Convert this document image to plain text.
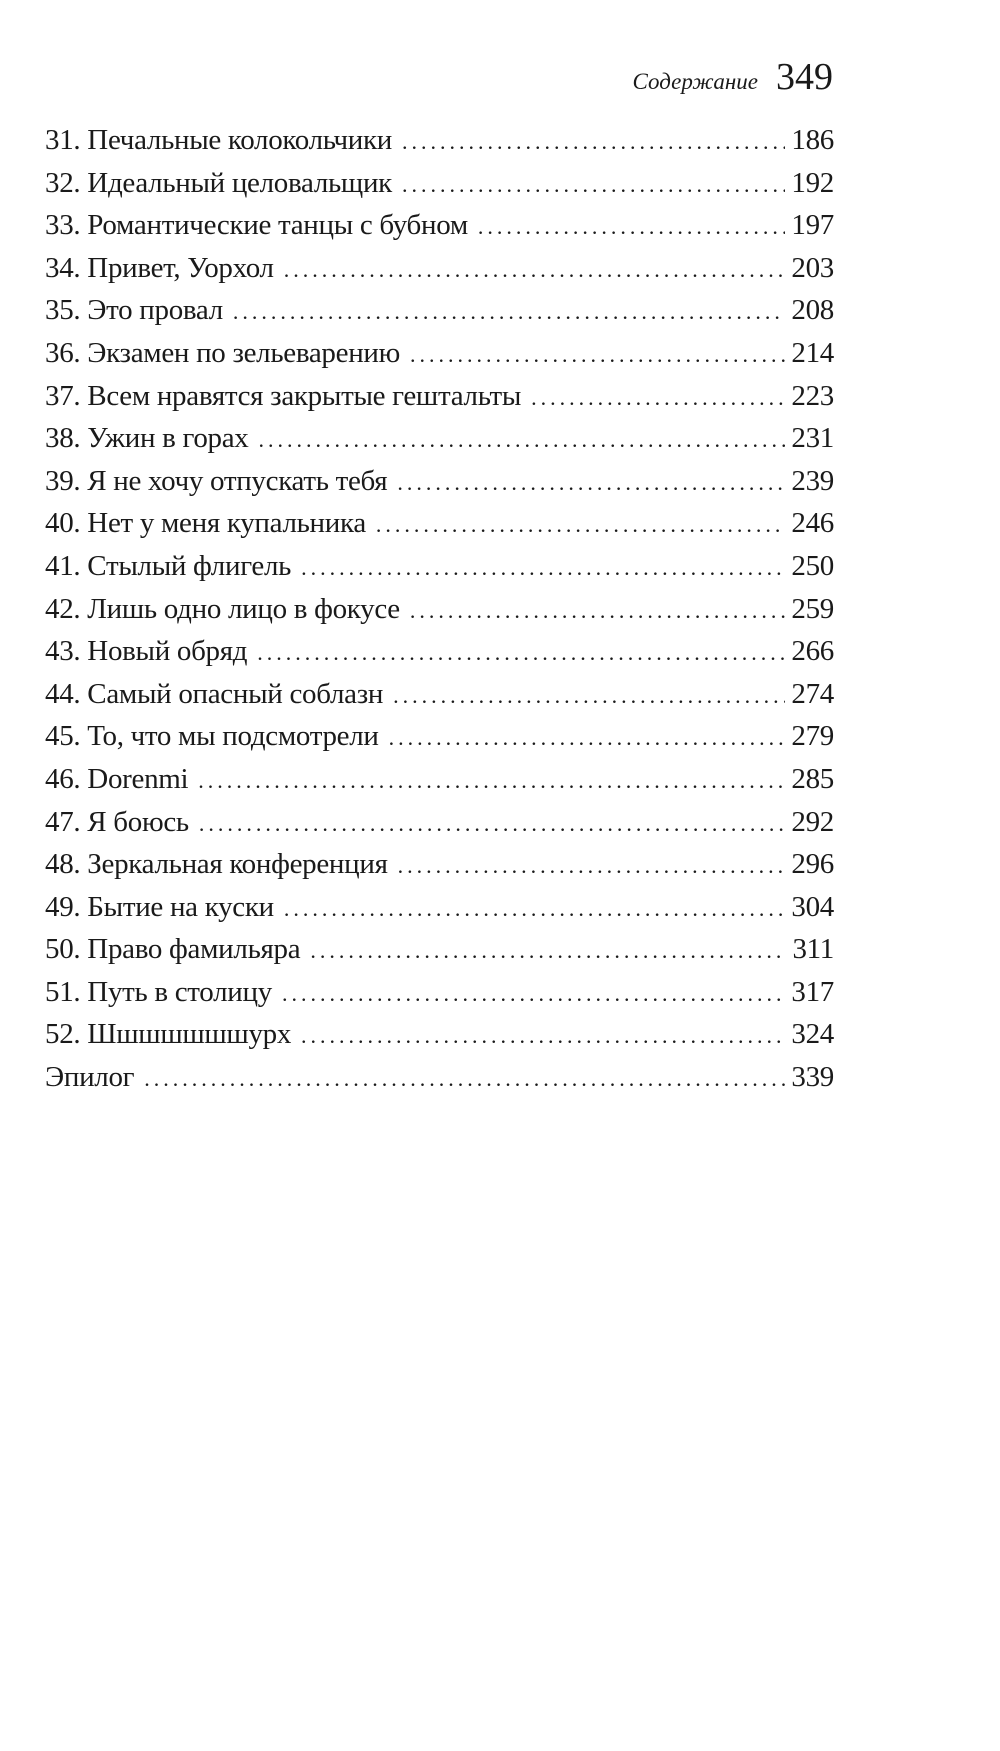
Содержание 349
31. Печальные колокольчики .....	186
32. Идеальный целовальщик .....	192
33. Романтические танцы с бубном .....	197
34. Привет, Уорхол .....	203
35. Это провал .....	208
36. Экзамен по зельеварению .....	214
37. Всем нравятся закрытые гештальты .....	223
38. Ужин в горах .....	231
39. Я не хочу отпускать тебя .....	239
40. Нет у меня купальника .....	246
41. Стылый флигель .....	250
42. Лишь одно лицо в фокусе .....	259
43. Новый обряд .....	266
44. Самый опасный соблазн .....	274
45. То, что мы подсмотрели .....	279
46. Dorenmi .....	285
47. Я боюсь .....	292
48. Зеркальная конференция .....	296
49. Бытие на куски .....	304
50. Право фамильяра .....	311
51. Путь в столицу .....	317
52. Шшшшшшшурх .....	324
Эпилог .....	339
